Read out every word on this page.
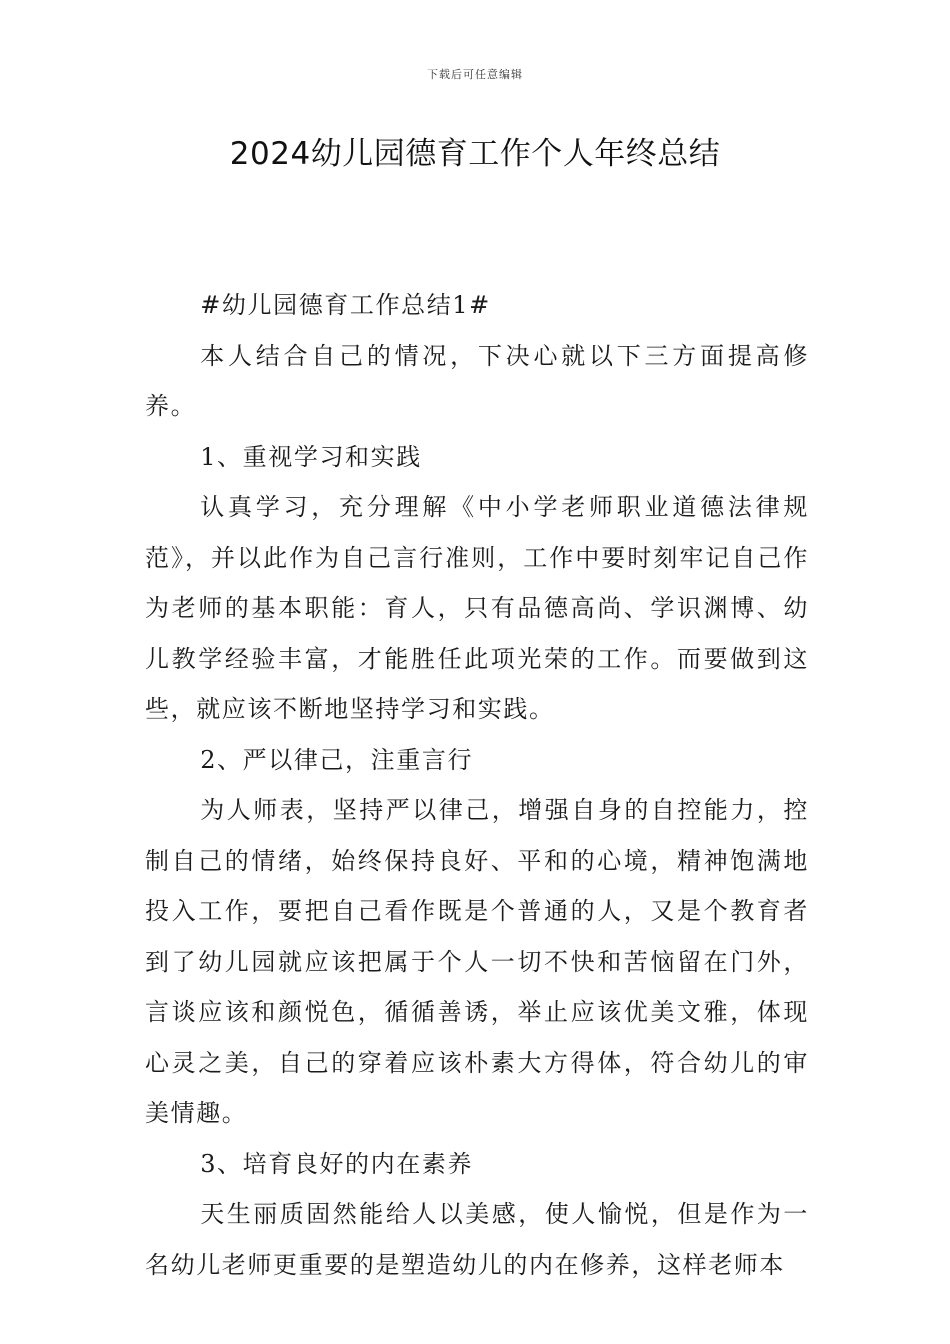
下载后可任意编辑
2024幼儿园德育工作个人年终总结

#幼儿园德育工作总结1#

本人结合自己的情况，下决心就以下三方面提高修养。

1、重视学习和实践

认真学习，充分理解《中小学老师职业道德法律规范》，并以此作为自己言行准则，工作中要时刻牢记自己作为老师的基本职能：育人，只有品德高尚、学识渊博、幼儿教学经验丰富，才能胜任此项光荣的工作。而要做到这些，就应该不断地坚持学习和实践。

2、严以律己，注重言行

为人师表，坚持严以律己，增强自身的自控能力，控制自己的情绪，始终保持良好、平和的心境，精神饱满地投入工作，要把自己看作既是个普通的人，又是个教育者到了幼儿园就应该把属于个人一切不快和苦恼留在门外，言谈应该和颜悦色，循循善诱，举止应该优美文雅，体现心灵之美，自己的穿着应该朴素大方得体，符合幼儿的审美情趣。

3、培育良好的内在素养

天生丽质固然能给人以美感，使人愉悦，但是作为一名幼儿老师更重要的是塑造幼儿的内在修养，这样老师本
